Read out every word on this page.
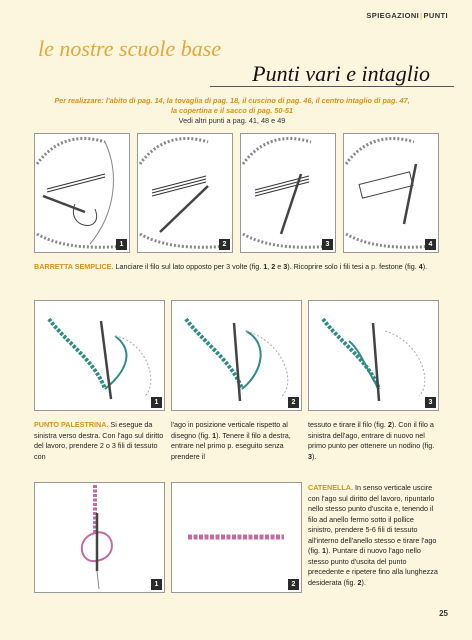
SPIEGAZIONI|PUNTI
le nostre scuole base
Punti vari e intaglio
Per realizzare: l'abito di pag. 14, la tovaglia di pag. 18, il cuscino di pag. 46, il centro intaglio di pag. 47,
la copertina e il sacco di pag. 50-51
Vedi altri punti a pag. 41, 48 e 49
1	2	3	4
BARRETTA SEMPLICE. Lanciare il filo sul lato opposto per 3 volte (fig. 1, 2 e 3). Ricoprire solo i fili tesi a p. festone (fig. 4).
1	2	3
PUNTO PALESTRINA. Si esegue da sinistra verso destra. Con l'ago sul diritto del lavoro, prendere 2 o 3 fili di tessuto con
l'ago in posizione verticale rispetto al disegno (fig. 1). Tenere il filo a destra, entrare nel primo p. eseguito senza prendere il
tessuto e tirare il filo (fig. 2). Con il filo a sinistra dell'ago, entrare di nuovo nel primo punto per ottenere un nodino (fig. 3).
1	2
CATENELLA. In senso verticale uscire con l'ago sul diritto del lavoro, ripuntarlo nello stesso punto d'uscita e, tenendo il filo ad anello fermo sotto il pollice sinistro, prendere 5-6 fili di tessuto all'interno dell'anello stesso e tirare l'ago (fig. 1). Puntare di nuovo l'ago nello stesso punto d'uscita del punto precedente e ripetere fino alla lunghezza desiderata (fig. 2).
25
